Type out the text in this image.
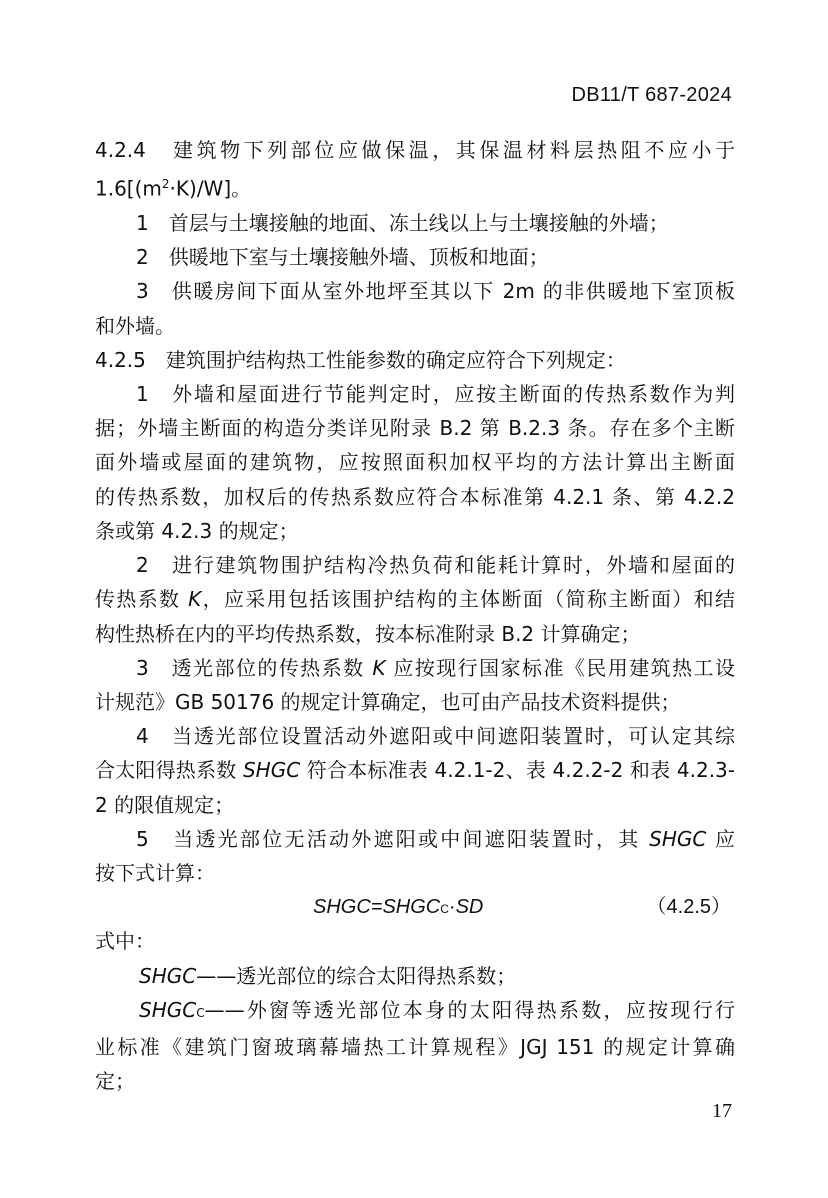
DB11/T 687-2024
4.2.4　 建筑物下列部位应做保温，其保温材料层热阻不应小于
$1.6[(m^2\cdot K)/W]$。
1　首层与土壤接触的地面、冻土线以上与土壤接触的外墙；
2　供暖地下室与土壤接触外墙、顶板和地面；
3　供暖房间下面从室外地坪至其以下 2m 的非供暖地下室顶板
和外墙。
4.2.5　 建筑围护结构热工性能参数的确定应符合下列规定：
1　外墙和屋面进行节能判定时，应按主断面的传热系数作为判
据；外墙主断面的构造分类详见附录 B.2 第 B.2.3 条。存在多个主断
面外墙或屋面的建筑物，应按照面积加权平均的方法计算出主断面
的传热系数，加权后的传热系数应符合本标准第 4.2.1 条、第 4.2.2
条或第 4.2.3 的规定；
2　进行建筑物围护结构冷热负荷和能耗计算时，外墙和屋面的
传热系数 K，应采用包括该围护结构的主体断面（简称主断面）和结
构性热桥在内的平均传热系数，按本标准附录 B.2 计算确定；
3　透光部位的传热系数 K 应按现行国家标准《民用建筑热工设
计规范》GB 50176 的规定计算确定，也可由产品技术资料提供；
4　当透光部位设置活动外遮阳或中间遮阳装置时，可认定其综
合太阳得热系数 SHGC 符合本标准表 4.2.1-2、表 4.2.2-2 和表 4.2.3-
2 的限值规定；
5　当透光部位无活动外遮阳或中间遮阳装置时，其 SHGC 应
按下式计算：
SHGC=SHGCC·SD	（4.2.5）
式中：
SHGC——透光部位的综合太阳得热系数；
SHGCC——外窗等透光部位本身的太阳得热系数，应按现行行
业标准《建筑门窗玻璃幕墙热工计算规程》JGJ 151 的规定计算确
定；
17
